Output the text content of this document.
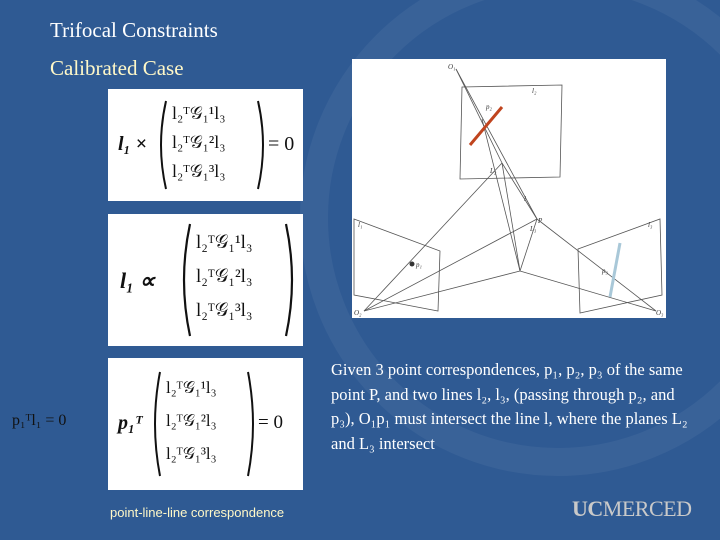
Trifocal Constraints
Calibrated Case
l₁ ×
l₂ᵀ𝒢₁¹l₃
l₂ᵀ𝒢₁²l₃
l₂ᵀ𝒢₁³l₃
= 0
l₁ ∝
l₂ᵀ𝒢₁¹l₃
l₂ᵀ𝒢₁²l₃
l₂ᵀ𝒢₁³l₃
p₁ᵀ
l₂ᵀ𝒢₁¹l₃
l₂ᵀ𝒢₁²l₃
l₂ᵀ𝒢₁³l₃
= 0
p₁ᵀl₁ = 0
point-line-line correspondence
O₁
O₂	O₃
p₁
p₂
p₃
l₁
l₂
l₃
P
l
L₂
L₃
Given 3 point correspondences, p₁, p₂, p₃ of the same point P, and two lines l₂, l₃, (passing through p₂, and p₃), O₁p₁ must intersect the line l, where the planes L₂ and L₃ intersect
UCMERCED
